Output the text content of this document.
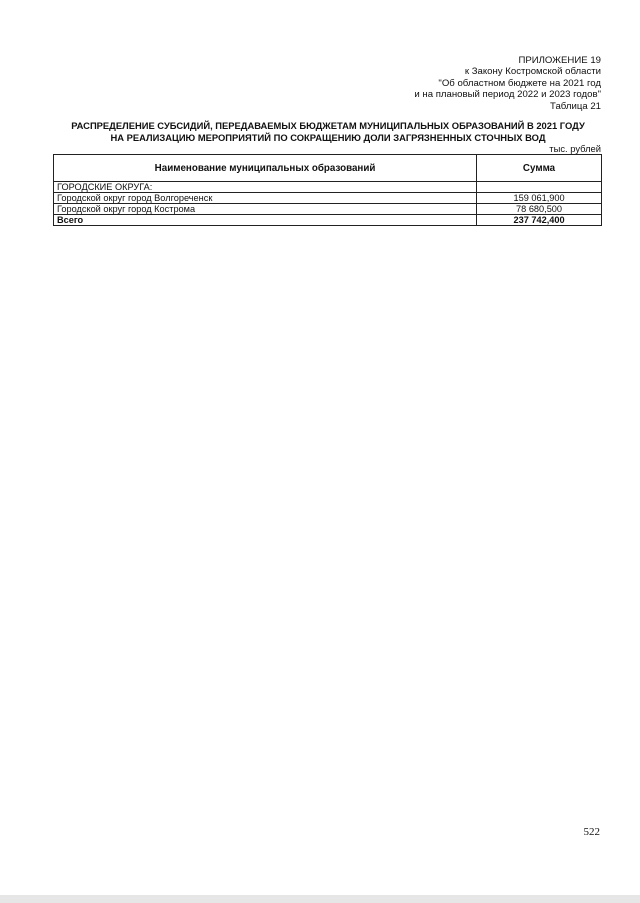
ПРИЛОЖЕНИЕ 19
к Закону Костромской области
"Об областном бюджете на 2021 год
и на плановый период 2022 и 2023 годов"
Таблица 21
РАСПРЕДЕЛЕНИЕ СУБСИДИЙ, ПЕРЕДАВАЕМЫХ БЮДЖЕТАМ МУНИЦИПАЛЬНЫХ ОБРАЗОВАНИЙ В 2021 ГОДУ
НА РЕАЛИЗАЦИЮ МЕРОПРИЯТИЙ ПО СОКРАЩЕНИЮ ДОЛИ ЗАГРЯЗНЕННЫХ СТОЧНЫХ ВОД
тыс. рублей
Наименование муниципальных образований	Сумма
ГОРОДСКИЕ ОКРУГА:	
Городской округ город Волгореченск	159 061,900
Городской округ город Кострома	78 680,500
Всего	237 742,400
522
